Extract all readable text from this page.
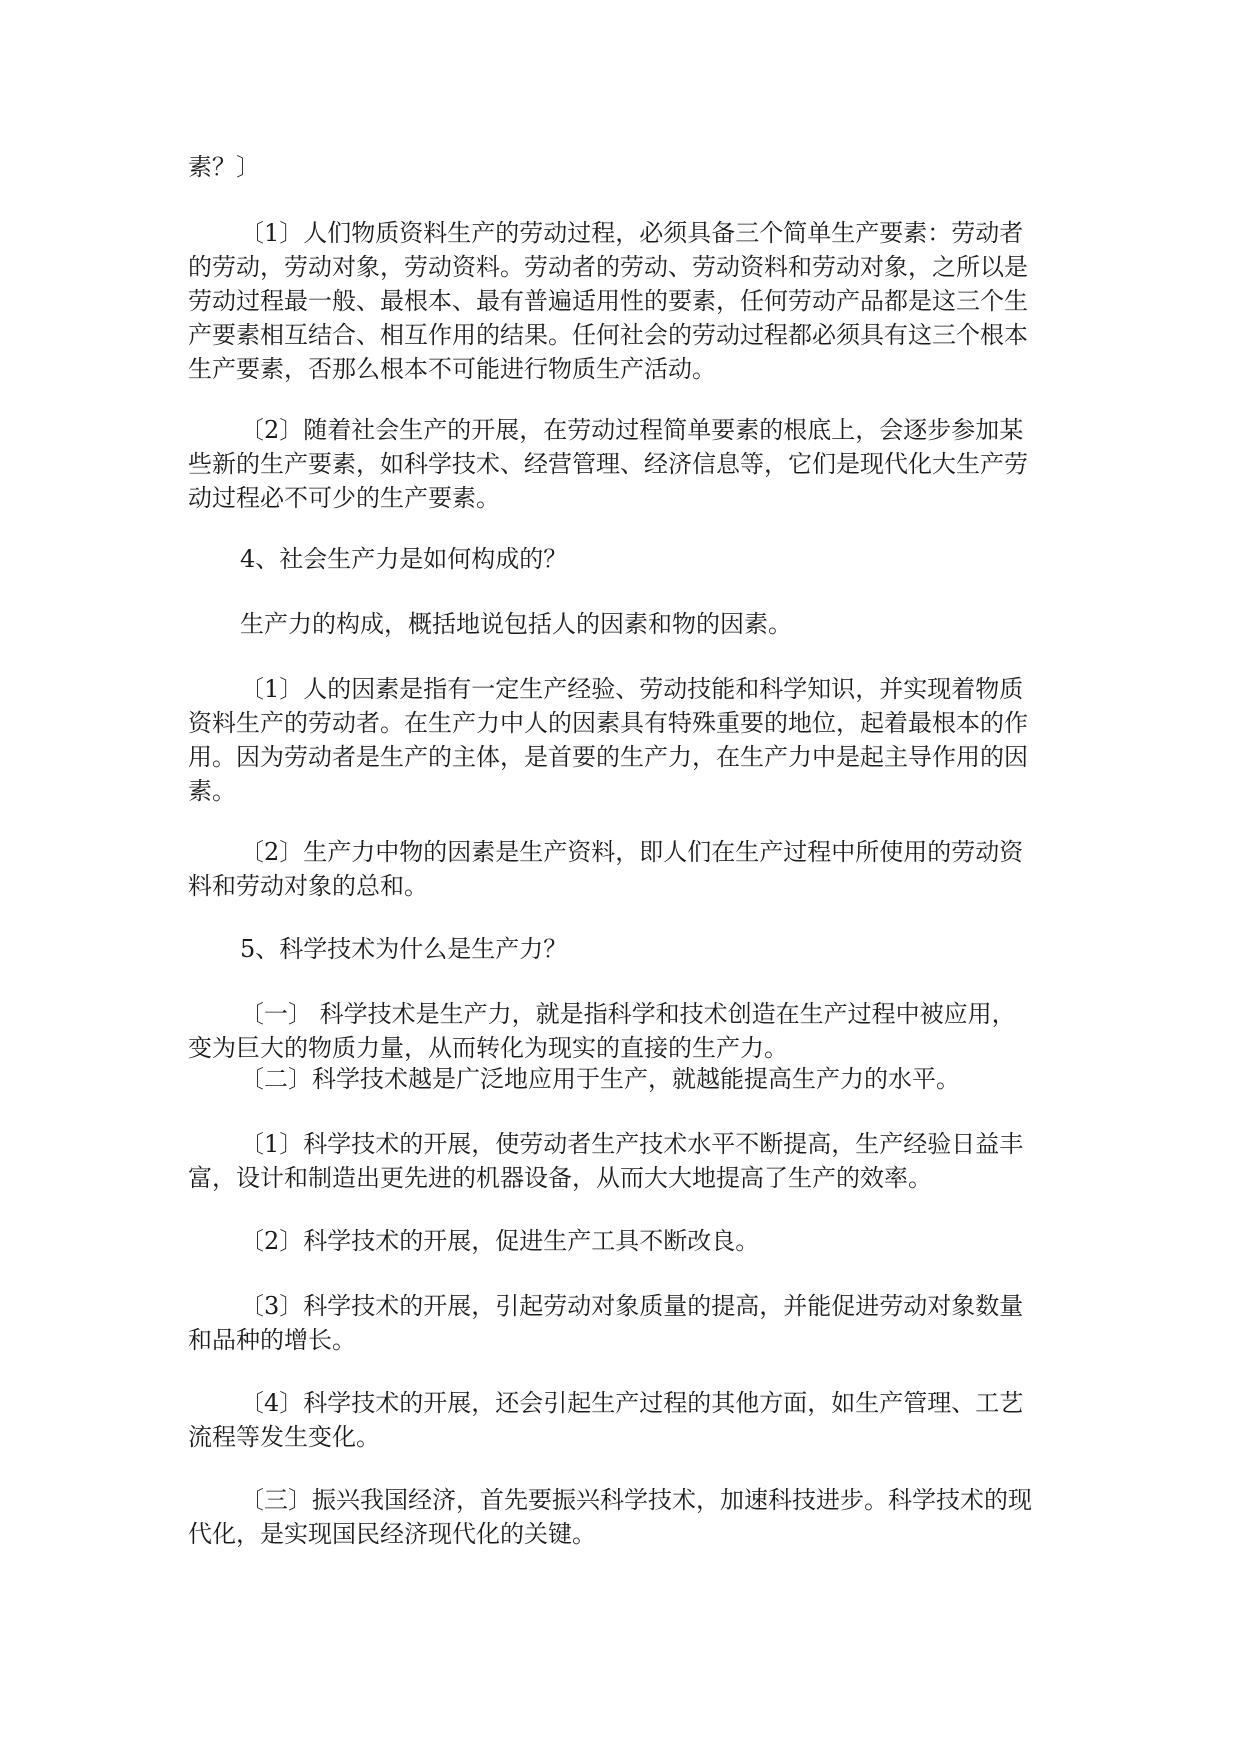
素？〕

〔1〕人们物质资料生产的劳动过程，必须具备三个简单生产要素：劳动者
的劳动，劳动对象，劳动资料。劳动者的劳动、劳动资料和劳动对象，之所以是
劳动过程最一般、最根本、最有普遍适用性的要素，任何劳动产品都是这三个生
产要素相互结合、相互作用的结果。任何社会的劳动过程都必须具有这三个根本
生产要素，否那么根本不可能进行物质生产活动。

〔2〕随着社会生产的开展，在劳动过程简单要素的根底上，会逐步参加某
些新的生产要素，如科学技术、经营管理、经济信息等，它们是现代化大生产劳
动过程必不可少的生产要素。

4、社会生产力是如何构成的？

生产力的构成，概括地说包括人的因素和物的因素。

〔1〕人的因素是指有一定生产经验、劳动技能和科学知识，并实现着物质
资料生产的劳动者。在生产力中人的因素具有特殊重要的地位，起着最根本的作
用。因为劳动者是生产的主体，是首要的生产力，在生产力中是起主导作用的因
素。

〔2〕生产力中物的因素是生产资料，即人们在生产过程中所使用的劳动资
料和劳动对象的总和。

5、科学技术为什么是生产力？

〔一〕 科学技术是生产力，就是指科学和技术创造在生产过程中被应用，
变为巨大的物质力量，从而转化为现实的直接的生产力。

〔二〕科学技术越是广泛地应用于生产，就越能提高生产力的水平。

〔1〕科学技术的开展，使劳动者生产技术水平不断提高，生产经验日益丰
富，设计和制造出更先进的机器设备，从而大大地提高了生产的效率。

〔2〕科学技术的开展，促进生产工具不断改良。

〔3〕科学技术的开展，引起劳动对象质量的提高，并能促进劳动对象数量
和品种的增长。

〔4〕科学技术的开展，还会引起生产过程的其他方面，如生产管理、工艺
流程等发生变化。

〔三〕振兴我国经济，首先要振兴科学技术，加速科技进步。科学技术的现
代化，是实现国民经济现代化的关键。
